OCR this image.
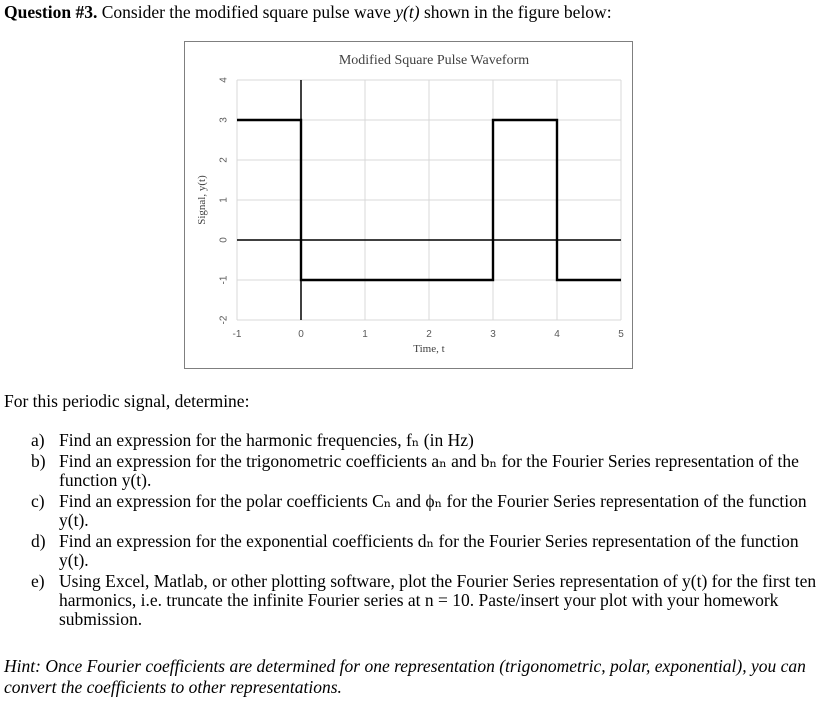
Question #3. Consider the modified square pulse wave y(t) shown in the figure below:
-1	0	1	2	3	4	5
-2
-1
0
1
2
3
4
Modified Square Pulse Waveform
Time, t
Signal, y(t)
For this periodic signal, determine:
a) Find an expression for the harmonic frequencies, fₙ (in Hz)
b) Find an expression for the trigonometric coefficients aₙ and bₙ for the Fourier Series representation of the function y(t).
c) Find an expression for the polar coefficients Cₙ and ϕₙ for the Fourier Series representation of the function y(t).
d) Find an expression for the exponential coefficients dₙ for the Fourier Series representation of the function y(t).
e) Using Excel, Matlab, or other plotting software, plot the Fourier Series representation of y(t) for the first ten harmonics, i.e. truncate the infinite Fourier series at n = 10. Paste/insert your plot with your homework submission.
Hint: Once Fourier coefficients are determined for one representation (trigonometric, polar, exponential), you can convert the coefficients to other representations.
